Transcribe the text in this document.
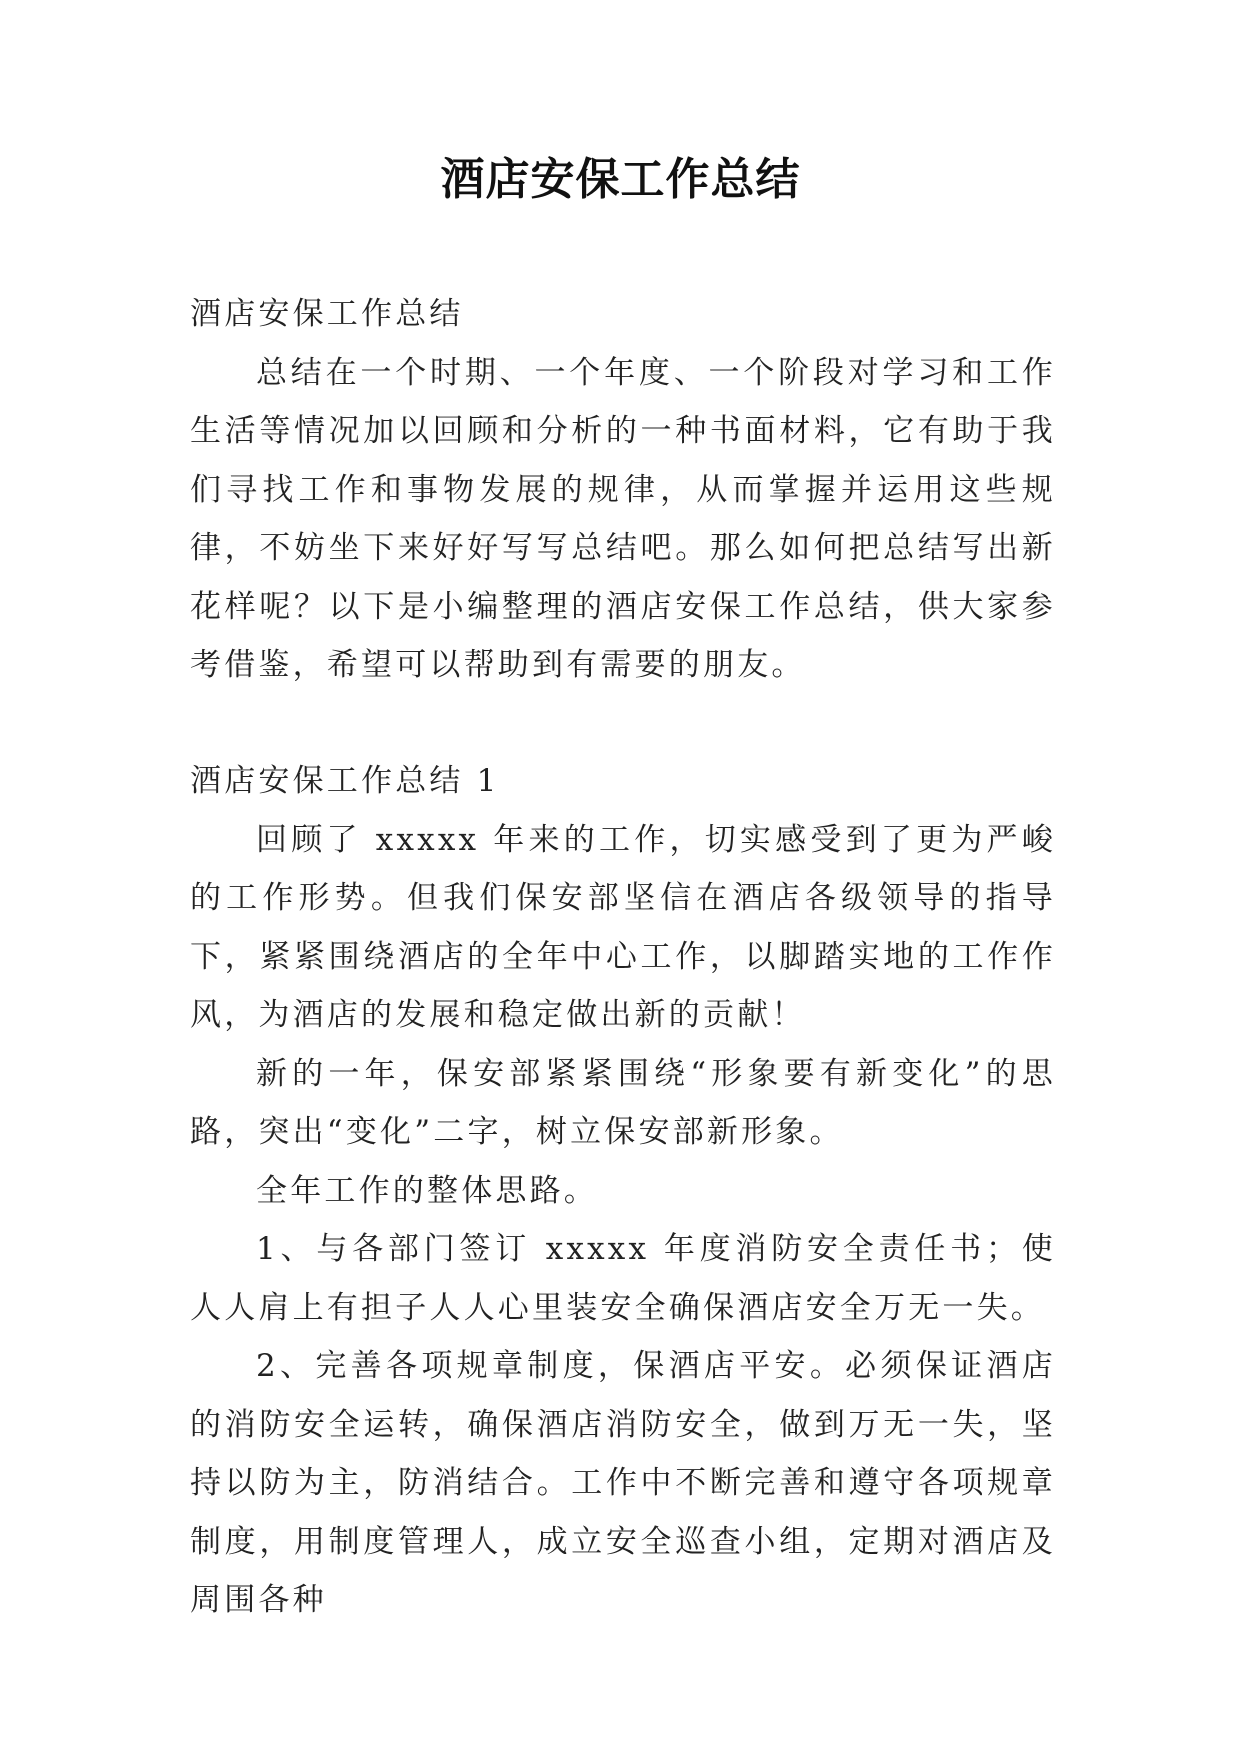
酒店安保工作总结

酒店安保工作总结

总结在一个时期、一个年度、一个阶段对学习和工作生活等情况加以回顾和分析的一种书面材料，它有助于我们寻找工作和事物发展的规律，从而掌握并运用这些规律，不妨坐下来好好写写总结吧。那么如何把总结写出新花样呢？以下是小编整理的酒店安保工作总结，供大家参考借鉴，希望可以帮助到有需要的朋友。

酒店安保工作总结 1

回顾了 xxxxx 年来的工作，切实感受到了更为严峻的工作形势。但我们保安部坚信在酒店各级领导的指导下，紧紧围绕酒店的全年中心工作，以脚踏实地的工作作风，为酒店的发展和稳定做出新的贡献！

新的一年，保安部紧紧围绕“形象要有新变化”的思路，突出“变化”二字，树立保安部新形象。

全年工作的整体思路。

1、与各部门签订 xxxxx 年度消防安全责任书；使人人肩上有担子人人心里装安全确保酒店安全万无一失。

2、完善各项规章制度，保酒店平安。必须保证酒店的消防安全运转，确保酒店消防安全，做到万无一失，坚持以防为主，防消结合。工作中不断完善和遵守各项规章制度，用制度管理人，成立安全巡查小组，定期对酒店及周围各种
